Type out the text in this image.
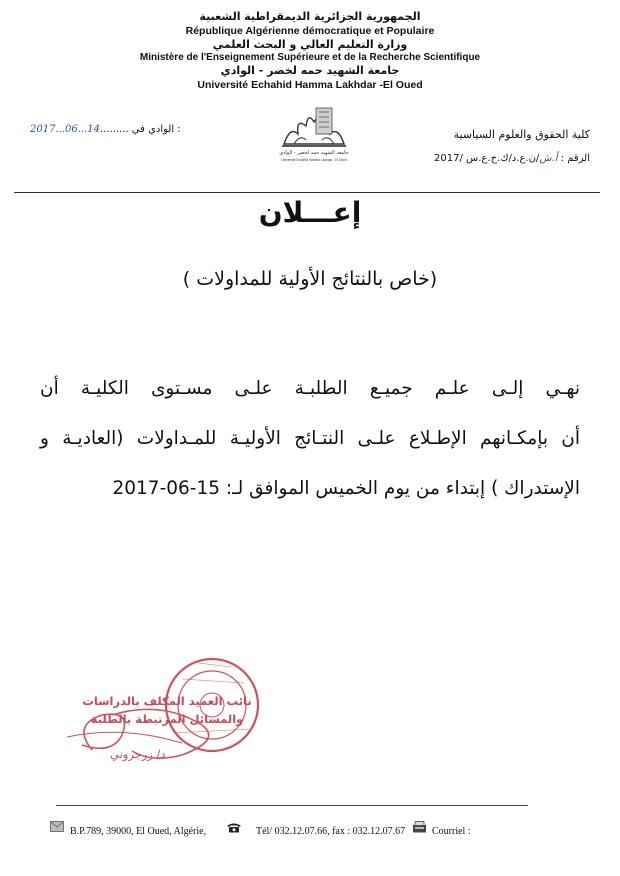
الجمهورية الجزائرية الديمقراطية الشعبية
République Algérienne démocratique et Populaire
وزارة التعليم العالي و البحث العلمي
Ministère de l'Enseignement Supérieure et de la Recherche Scientifique
جامعة الشهيد حمه لخضر - الوادي
Université Echahid Hamma Lakhdar -El Oued
جامعة الشهيد حمه لخضر - الوادي
Université Echahid Hamma Lakhdar - El Oued
كلية الحقوق والعلوم السياسية
الرقم : أ.ش/ن.ع.د/ك.ح.ع.س /2017
2017...06...14......... الوادي في :
إعـــلان
(خاص بالنتائج الأولية للمداولات )
نهـي إلـى علـم جميـع الطلبـة علـى مسـتوى الكليـة أن
أن بإمكـانهم الإطـلاع علـى النتـائج الأوليـة للمـداولات (العاديـة و
الإستدراك ) إبتداء من يوم الخميس الموافق لـ: 15-06-2017
نائب العميد المكلف بالدراسات
والمسائل المرتبطة بالطلبة
د/ زرجروني
B.P.789, 39000, El Oued, Algérie,	Tél/ 032.12.07.66, fax : 032.12.07.67	Courriel :
